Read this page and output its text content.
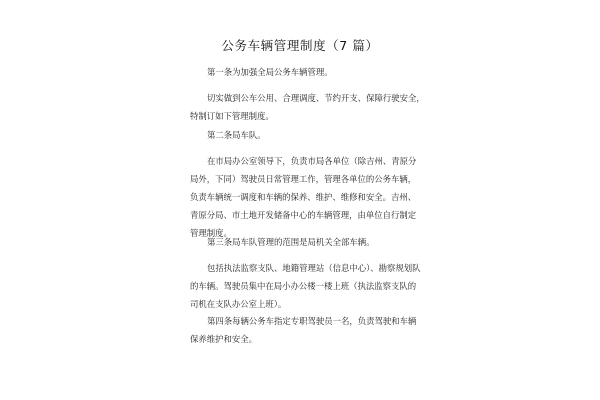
公务车辆管理制度（7 篇）

第一条为加强全局公务车辆管理。

切实做到公车公用、合理调度、节约开支、保障行驶安全，
特制订如下管理制度。

第二条局车队。

在市局办公室领导下，负责市局各单位（除吉州、青原分
局外，下同）驾驶员日常管理工作，管理各单位的公务车辆，
负责车辆统一调度和车辆的保养、维护、维修和安全。吉州、
青原分局、市土地开发储备中心的车辆管理，由单位自行制定
管理制度。

第三条局车队管理的范围是局机关全部车辆。

包括执法监察支队、地籍管理站（信息中心）、勘察规划队
的车辆。驾驶员集中在局小办公楼一楼上班（执法监察支队的
司机在支队办公室上班）。

第四条每辆公务车指定专职驾驶员一名，负责驾驶和车辆
保养维护和安全。
